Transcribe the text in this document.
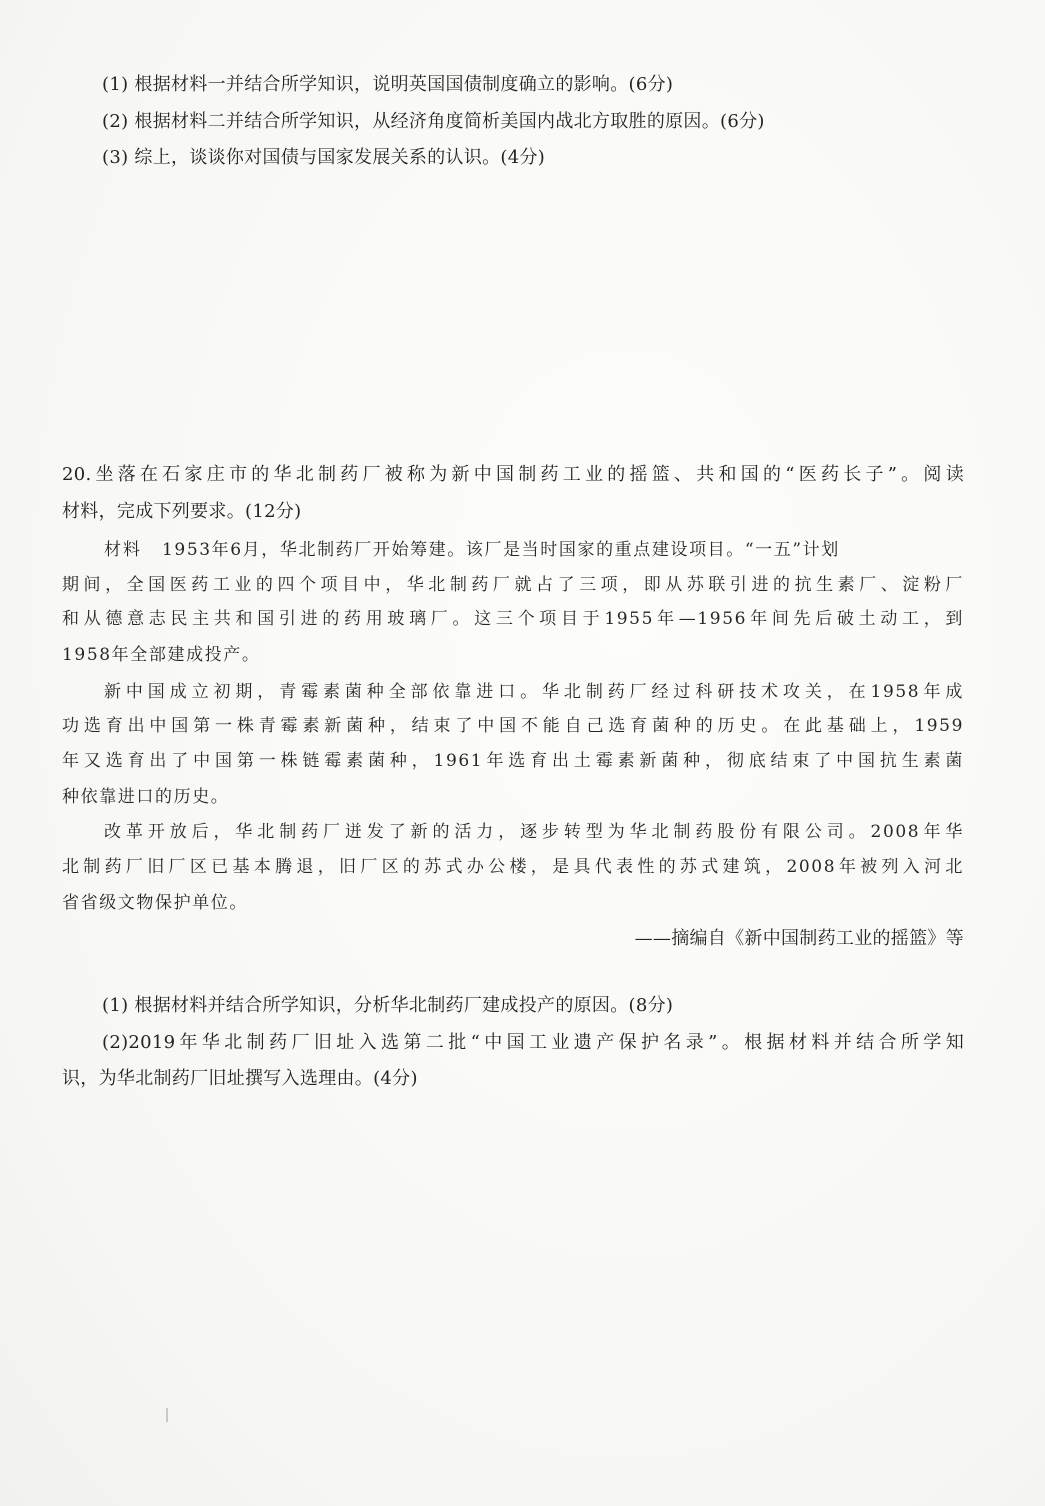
(1) 根据材料一并结合所学知识，说明英国国债制度确立的影响。(6分)
(2) 根据材料二并结合所学知识，从经济角度简析美国内战北方取胜的原因。(6分)
(3) 综上，谈谈你对国债与国家发展关系的认识。(4分)
20.坐落在石家庄市的华北制药厂被称为新中国制药工业的摇篮、共和国的“医药长子”。阅读
材料，完成下列要求。(12分)
材料 1953年6月，华北制药厂开始筹建。该厂是当时国家的重点建设项目。“一五”计划
期间，全国医药工业的四个项目中，华北制药厂就占了三项，即从苏联引进的抗生素厂、淀粉厂
和从德意志民主共和国引进的药用玻璃厂。这三个项目于1955年—1956年间先后破土动工，到
1958年全部建成投产。
新中国成立初期，青霉素菌种全部依靠进口。华北制药厂经过科研技术攻关，在1958年成
功选育出中国第一株青霉素新菌种，结束了中国不能自己选育菌种的历史。在此基础上，1959
年又选育出了中国第一株链霉素菌种，1961年选育出土霉素新菌种，彻底结束了中国抗生素菌
种依靠进口的历史。
改革开放后，华北制药厂迸发了新的活力，逐步转型为华北制药股份有限公司。2008年华
北制药厂旧厂区已基本腾退，旧厂区的苏式办公楼，是具代表性的苏式建筑，2008年被列入河北
省省级文物保护单位。
——摘编自《新中国制药工业的摇篮》等
(1) 根据材料并结合所学知识，分析华北制药厂建成投产的原因。(8分)
(2)2019年华北制药厂旧址入选第二批“中国工业遗产保护名录”。根据材料并结合所学知
识，为华北制药厂旧址撰写入选理由。(4分)
